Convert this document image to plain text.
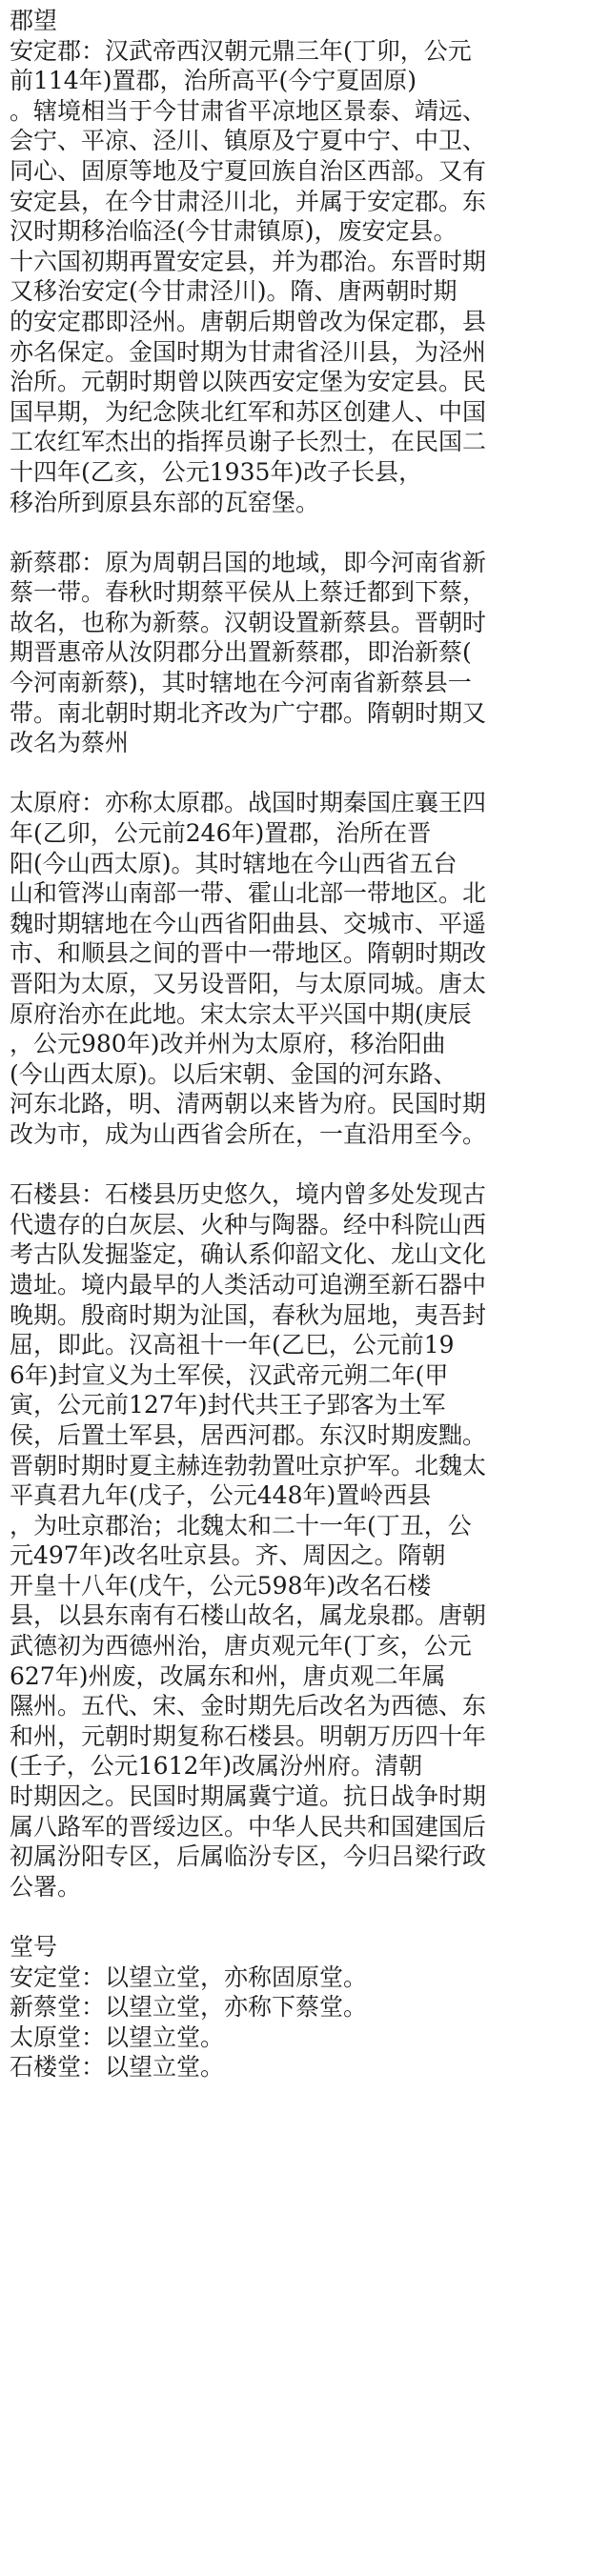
郡望
安定郡：汉武帝西汉朝元鼎三年(丁卯，公元
前114年)置郡，治所高平(今宁夏固原)
。辖境相当于今甘肃省平凉地区景泰、靖远、
会宁、平凉、泾川、镇原及宁夏中宁、中卫、
同心、固原等地及宁夏回族自治区西部。又有
安定县，在今甘肃泾川北，并属于安定郡。东
汉时期移治临泾(今甘肃镇原)，废安定县。
十六国初期再置安定县，并为郡治。东晋时期
又移治安定(今甘肃泾川)。隋、唐两朝时期
的安定郡即泾州。唐朝后期曾改为保定郡，县
亦名保定。金国时期为甘肃省泾川县，为泾州
治所。元朝时期曾以陕西安定堡为安定县。民
国早期，为纪念陕北红军和苏区创建人、中国
工农红军杰出的指挥员谢子长烈士，在民国二
十四年(乙亥，公元1935年)改子长县，
移治所到原县东部的瓦窑堡。
新蔡郡：原为周朝吕国的地域，即今河南省新
蔡一带。春秋时期蔡平侯从上蔡迁都到下蔡，
故名，也称为新蔡。汉朝设置新蔡县。晋朝时
期晋惠帝从汝阴郡分出置新蔡郡，即治新蔡(
今河南新蔡)，其时辖地在今河南省新蔡县一
带。南北朝时期北齐改为广宁郡。隋朝时期又
改名为蔡州
太原府：亦称太原郡。战国时期秦国庄襄王四
年(乙卯，公元前246年)置郡，治所在晋
阳(今山西太原)。其时辖地在今山西省五台
山和管涔山南部一带、霍山北部一带地区。北
魏时期辖地在今山西省阳曲县、交城市、平遥
市、和顺县之间的晋中一带地区。隋朝时期改
晋阳为太原，又另设晋阳，与太原同城。唐太
原府治亦在此地。宋太宗太平兴国中期(庚辰
，公元980年)改并州为太原府，移治阳曲
(今山西太原)。以后宋朝、金国的河东路、
河东北路，明、清两朝以来皆为府。民国时期
改为市，成为山西省会所在，一直沿用至今。
石楼县：石楼县历史悠久，境内曾多处发现古
代遗存的白灰层、火种与陶器。经中科院山西
考古队发掘鉴定，确认系仰韶文化、龙山文化
遗址。境内最早的人类活动可追溯至新石器中
晚期。殷商时期为沚国，春秋为屈地，夷吾封
屈，即此。汉高祖十一年(乙巳，公元前19
6年)封宣义为土军侯，汉武帝元朔二年(甲
寅，公元前127年)封代共王子郢客为土军
侯，后置土军县，居西河郡。东汉时期废黜。
晋朝时期时夏主赫连勃勃置吐京护军。北魏太
平真君九年(戊子，公元448年)置岭西县
，为吐京郡治；北魏太和二十一年(丁丑，公
元497年)改名吐京县。齐、周因之。隋朝
开皇十八年(戊午，公元598年)改名石楼
县，以县东南有石楼山故名，属龙泉郡。唐朝
武德初为西德州治，唐贞观元年(丁亥，公元
627年)州废，改属东和州，唐贞观二年属
隰州。五代、宋、金时期先后改名为西德、东
和州，元朝时期复称石楼县。明朝万历四十年
(壬子，公元1612年)改属汾州府。清朝
时期因之。民国时期属冀宁道。抗日战争时期
属八路军的晋绥边区。中华人民共和国建国后
初属汾阳专区，后属临汾专区，今归吕梁行政
公署。
堂号
安定堂：以望立堂，亦称固原堂。
新蔡堂：以望立堂，亦称下蔡堂。
太原堂：以望立堂。
石楼堂：以望立堂。
